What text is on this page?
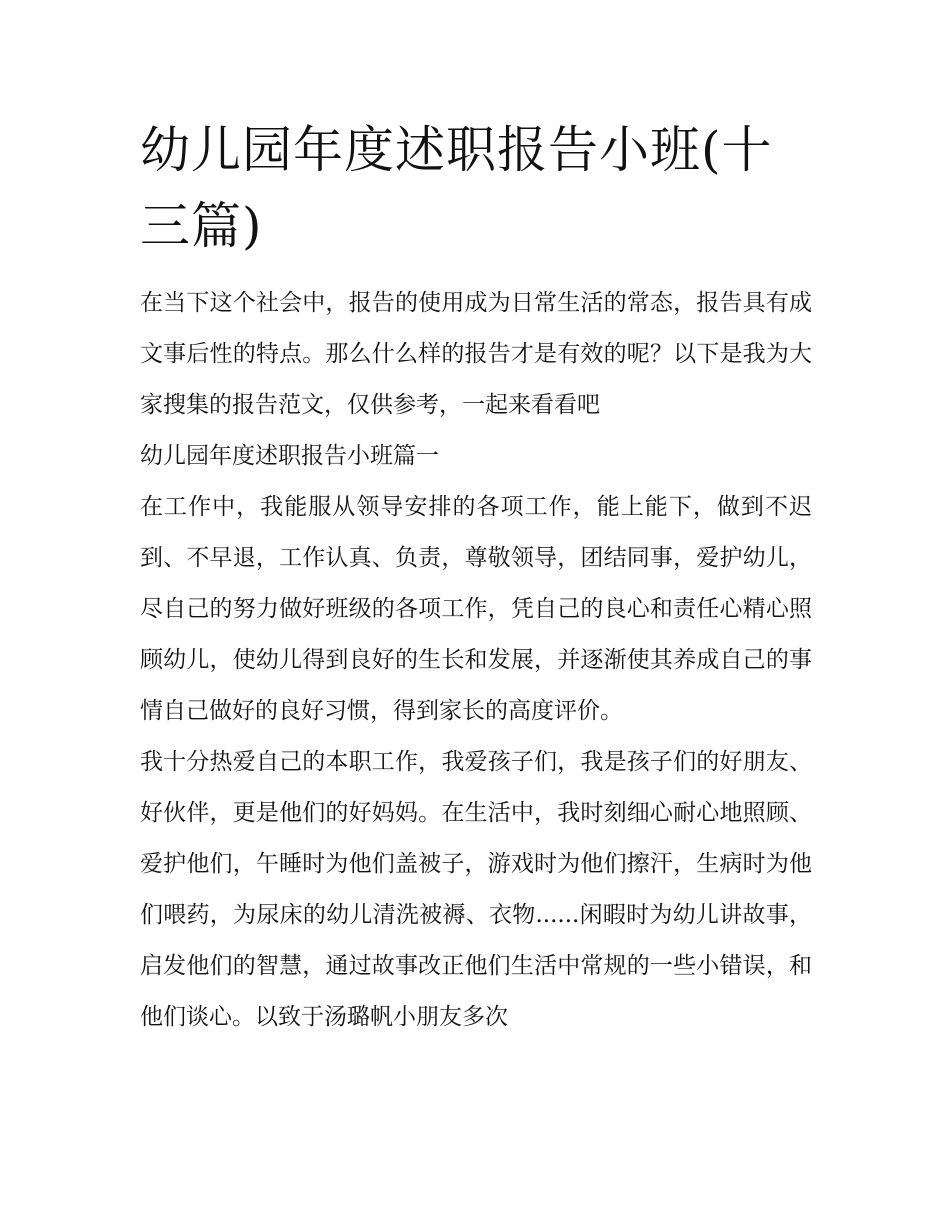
幼儿园年度述职报告小班(十三篇)

在当下这个社会中，报告的使用成为日常生活的常态，报告具有成文事后性的特点。那么什么样的报告才是有效的呢？以下是我为大家搜集的报告范文，仅供参考，一起来看看吧

幼儿园年度述职报告小班篇一

在工作中，我能服从领导安排的各项工作，能上能下，做到不迟到、不早退，工作认真、负责，尊敬领导，团结同事，爱护幼儿，尽自己的努力做好班级的各项工作，凭自己的良心和责任心精心照顾幼儿，使幼儿得到良好的生长和发展，并逐渐使其养成自己的事情自己做好的良好习惯，得到家长的高度评价。

我十分热爱自己的本职工作，我爱孩子们，我是孩子们的好朋友、好伙伴，更是他们的好妈妈。在生活中，我时刻细心耐心地照顾、爱护他们，午睡时为他们盖被子，游戏时为他们擦汗，生病时为他们喂药，为尿床的幼儿清洗被褥、衣物......闲暇时为幼儿讲故事，启发他们的智慧，通过故事改正他们生活中常规的一些小错误，和他们谈心。以致于汤璐帆小朋友多次
